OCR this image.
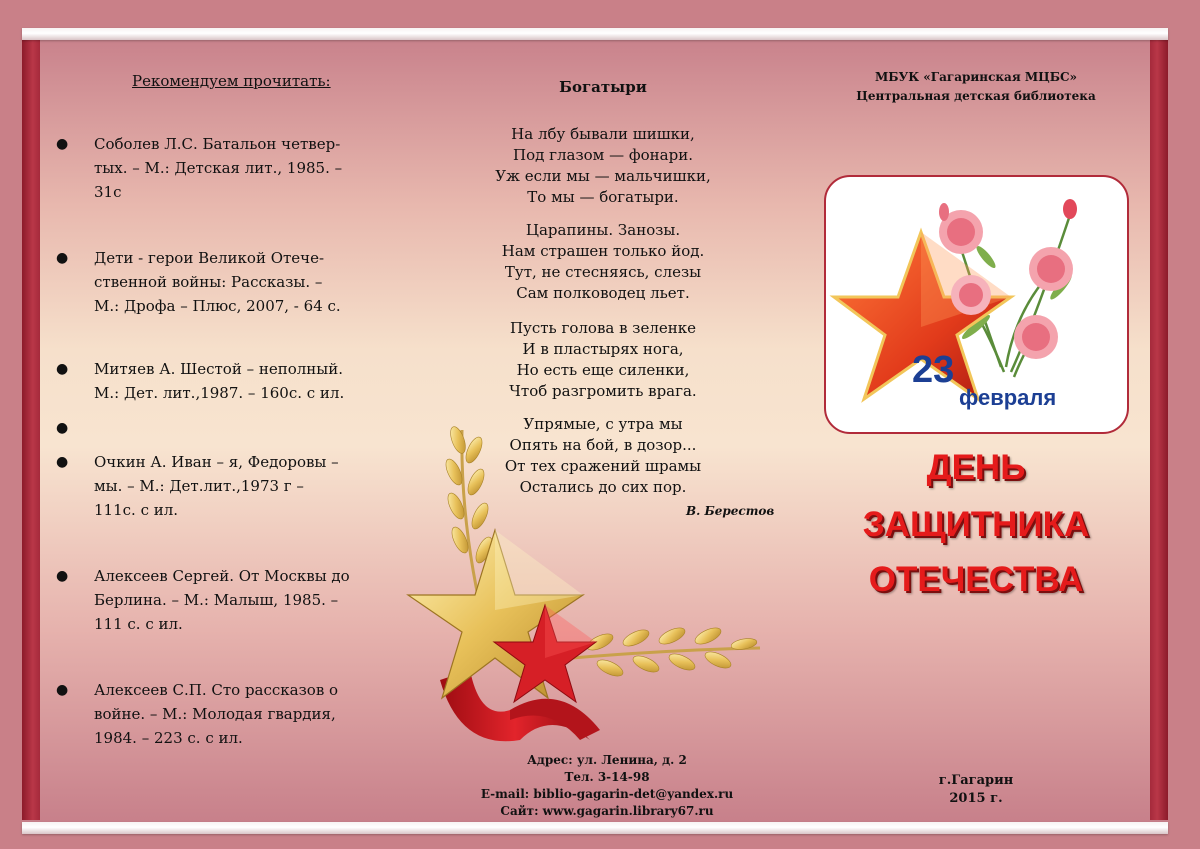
Рекомендуем прочитать:
● Соболев Л.С. Батальон четвер-
тых. – М.: Детская лит., 1985. –
31с
● Дети - герои Великой Отече-
ственной войны: Рассказы. –
М.: Дрофа – Плюс, 2007, - 64 с.
● Митяев А. Шестой – неполный.
М.: Дет. лит.,1987. – 160с. с ил.
●
● Очкин А. Иван – я, Федоровы –
мы. – М.: Дет.лит.,1973 г –
111с. с ил.
● Алексеев Сергей. От Москвы до
Берлина. – М.: Малыш, 1985. –
111 с. с ил.
● Алексеев С.П. Сто рассказов о
войне. – М.: Молодая гвардия,
1984. – 223 с. с ил.
Богатыри
На лбу бывали шишки,
Под глазом — фонари.
Уж если мы — мальчишки,
То мы — богатыри.
Царапины. Занозы.
Нам страшен только йод.
Тут, не стесняясь, слезы
Сам полководец льет.
Пусть голова в зеленке
И в пластырях нога,
Но есть еще силенки,
Чтоб разгромить врага.
Упрямые, с утра мы
Опять на бой, в дозор...
От тех сражений шрамы
Остались до сих пор.
В. Берестов
Адрес: ул. Ленина, д. 2
Тел. 3-14-98
E-mail: biblio-gagarin-det@yandex.ru
Сайт: www.gagarin.library67.ru
МБУК «Гагаринская МЦБС»
Центральная детская библиотека
23
февраля
ДЕНЬ
ЗАЩИТНИКА
ОТЕЧЕСТВА
г.Гагарин
2015 г.
